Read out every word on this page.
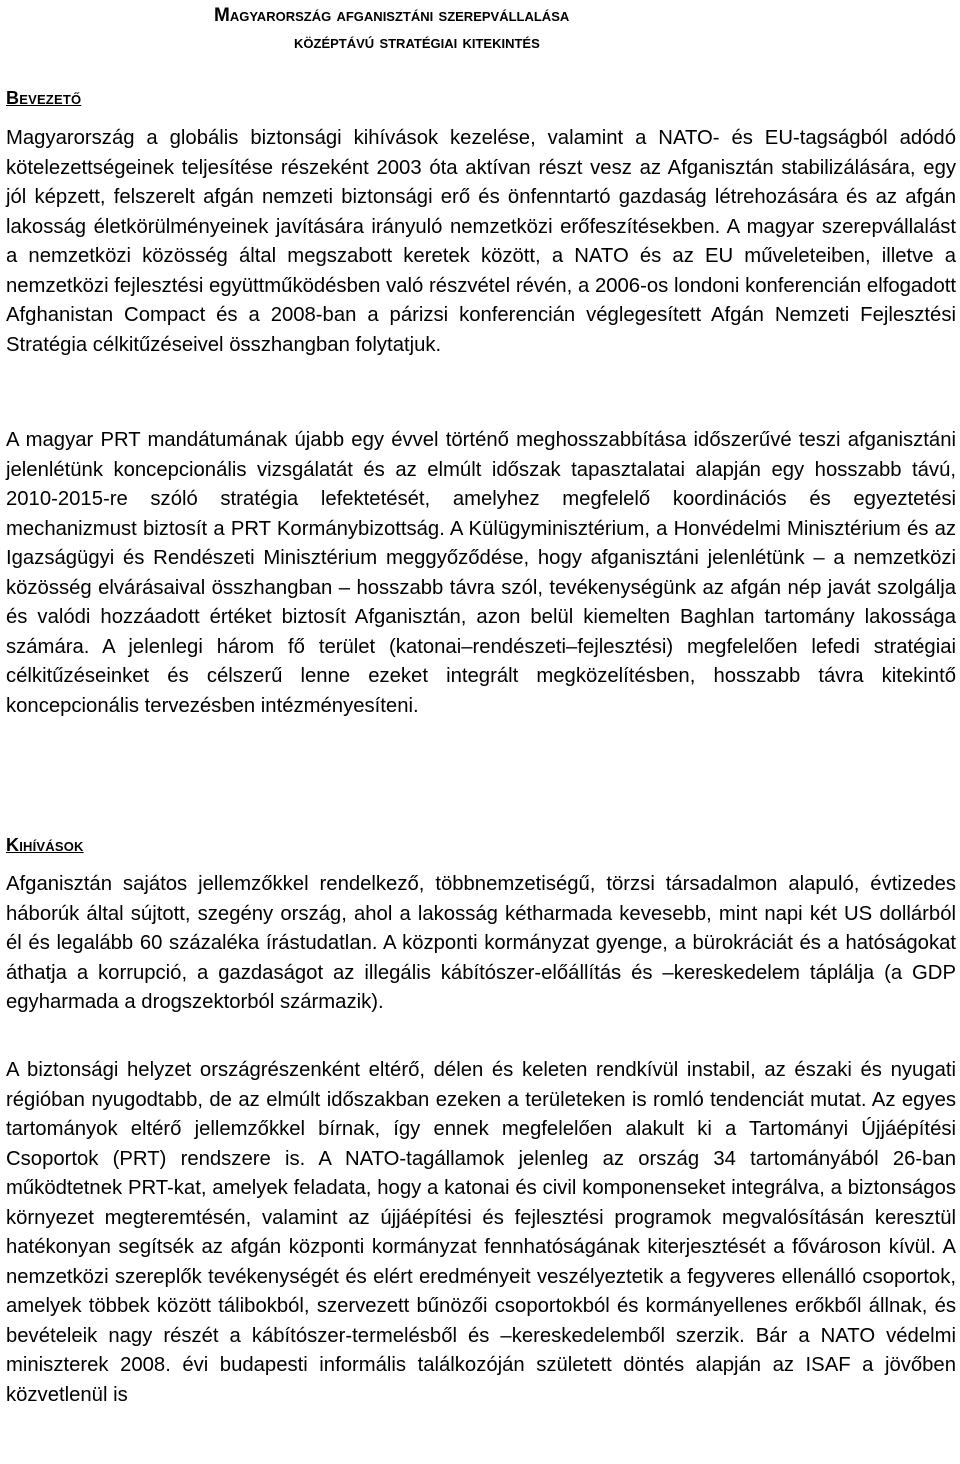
Magyarország afganisztáni szerepvállalása
középtávú stratégiai kitekintés
Bevezető

Magyarország a globális biztonsági kihívások kezelése, valamint a NATO- és EU-tagságból adódó kötelezettségeinek teljesítése részeként 2003 óta aktívan részt vesz az Afganisztán stabilizálására, egy jól képzett, felszerelt afgán nemzeti biztonsági erő és önfenntartó gazdaság létrehozására és az afgán lakosság életkörülményeinek javítására irányuló nemzetközi erőfeszítésekben. A magyar szerepvállalást a nemzetközi közösség által megszabott keretek között, a NATO és az EU műveleteiben, illetve a nemzetközi fejlesztési együttműködésben való részvétel révén, a 2006-os londoni konferencián elfogadott Afghanistan Compact és a 2008-ban a párizsi konferencián véglegesített Afgán Nemzeti Fejlesztési Stratégia célkitűzéseivel összhangban folytatjuk.

A magyar PRT mandátumának újabb egy évvel történő meghosszabbítása időszerűvé teszi afganisztáni jelenlétünk koncepcionális vizsgálatát és az elmúlt időszak tapasztalatai alapján egy hosszabb távú, 2010-2015-re szóló stratégia lefektetését, amelyhez megfelelő koordinációs és egyeztetési mechanizmust biztosít a PRT Kormánybizottság. A Külügyminisztérium, a Honvédelmi Minisztérium és az Igazságügyi és Rendészeti Minisztérium meggyőződése, hogy afganisztáni jelenlétünk – a nemzetközi közösség elvárásaival összhangban – hosszabb távra szól, tevékenységünk az afgán nép javát szolgálja és valódi hozzáadott értéket biztosít Afganisztán, azon belül kiemelten Baghlan tartomány lakossága számára. A jelenlegi három fő terület (katonai–rendészeti–fejlesztési) megfelelően lefedi stratégiai célkitűzéseinket és célszerű lenne ezeket integrált megközelítésben, hosszabb távra kitekintő koncepcionális tervezésben intézményesíteni.

Kihívások

Afganisztán sajátos jellemzőkkel rendelkező, többnemzetiségű, törzsi társadalmon alapuló, évtizedes háborúk által sújtott, szegény ország, ahol a lakosság kétharmada kevesebb, mint napi két US dollárból él és legalább 60 százaléka írástudatlan. A központi kormányzat gyenge, a bürokráciát és a hatóságokat áthatja a korrupció, a gazdaságot az illegális kábítószer-előállítás és –kereskedelem táplálja (a GDP egyharmada a drogszektorból származik).

A biztonsági helyzet országrészenként eltérő, délen és keleten rendkívül instabil, az északi és nyugati régióban nyugodtabb, de az elmúlt időszakban ezeken a területeken is romló tendenciát mutat. Az egyes tartományok eltérő jellemzőkkel bírnak, így ennek megfelelően alakult ki a Tartományi Újjáépítési Csoportok (PRT) rendszere is. A NATO-tagállamok jelenleg az ország 34 tartományából 26-ban működtetnek PRT-kat, amelyek feladata, hogy a katonai és civil komponenseket integrálva, a biztonságos környezet megteremtésén, valamint az újjáépítési és fejlesztési programok megvalósításán keresztül hatékonyan segítsék az afgán központi kormányzat fennhatóságának kiterjesztését a fővároson kívül. A nemzetközi szereplők tevékenységét és elért eredményeit veszélyeztetik a fegyveres ellenálló csoportok, amelyek többek között tálibokból, szervezett bűnözői csoportokból és kormányellenes erőkből állnak, és bevételeik nagy részét a kábítószer-termelésből és –kereskedelemből szerzik. Bár a NATO védelmi miniszterek 2008. évi budapesti informális találkozóján született döntés alapján az ISAF a jövőben közvetlenül is
